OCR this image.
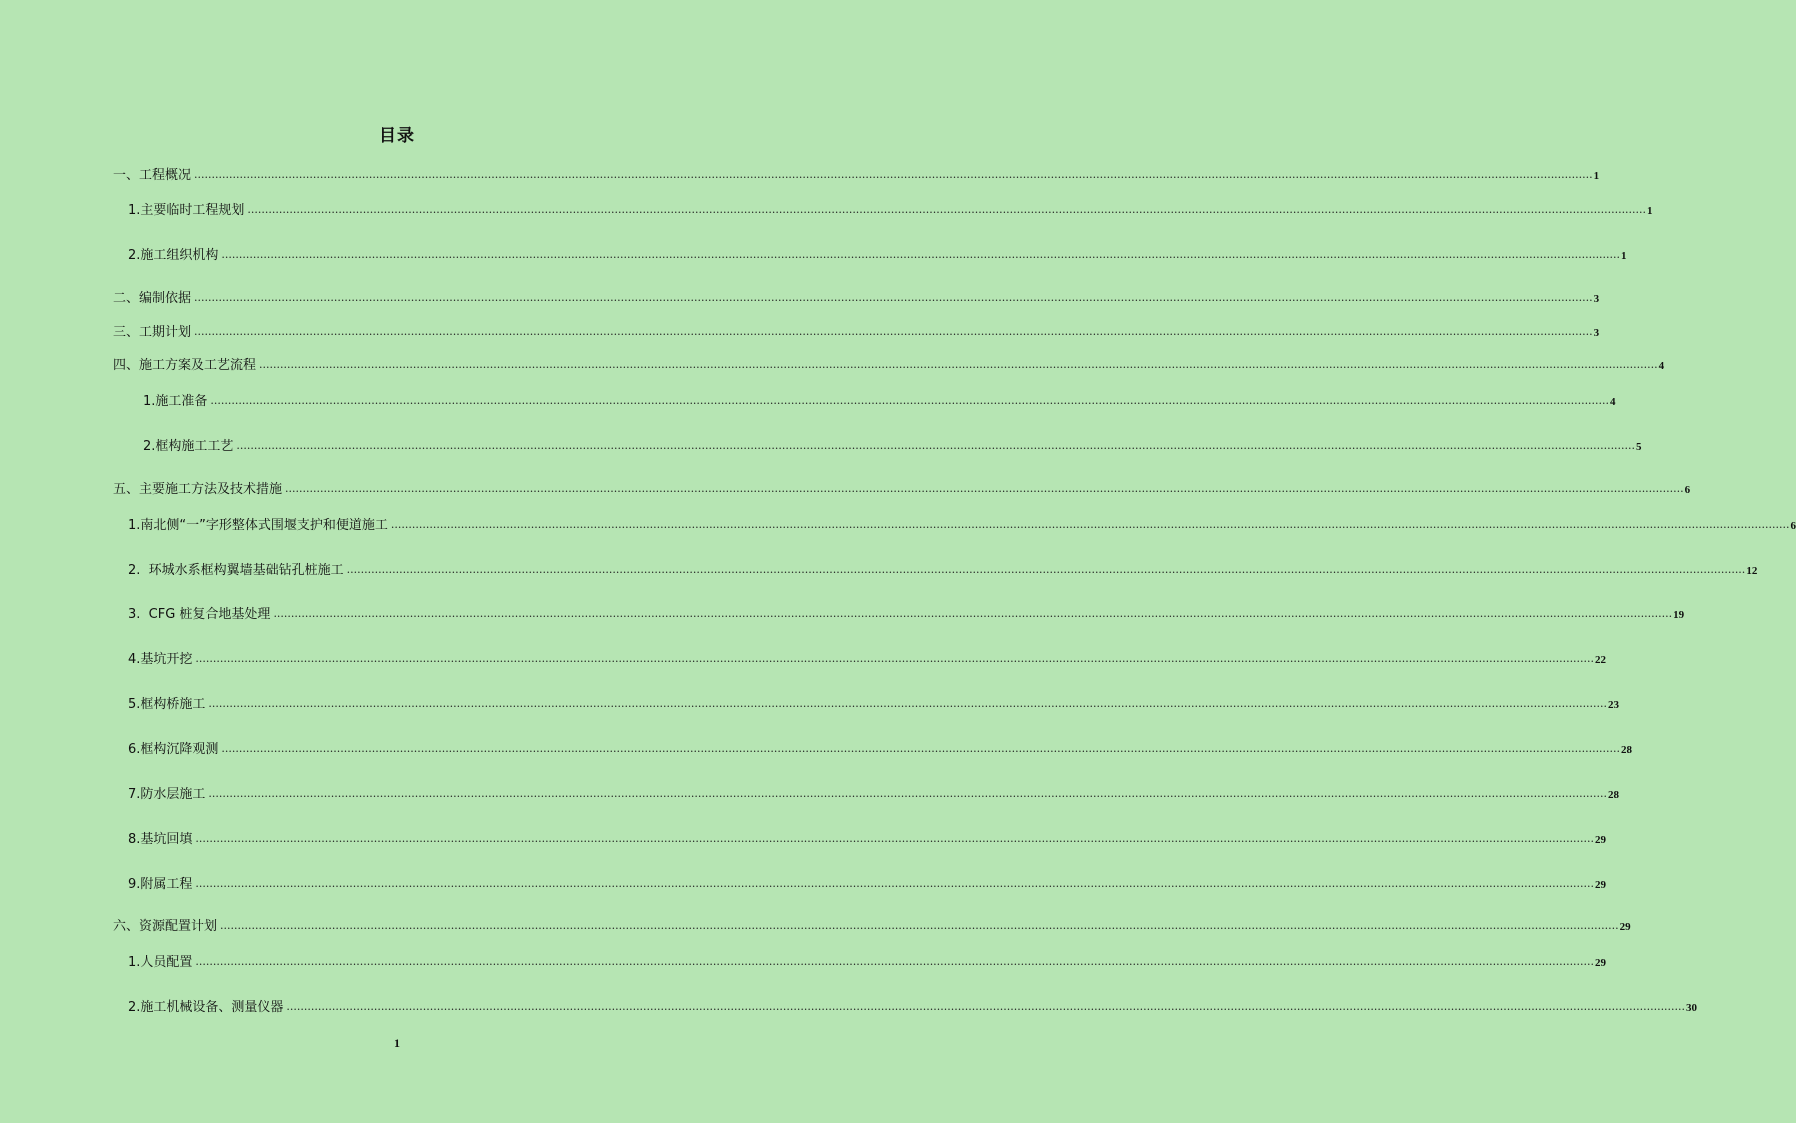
目录
一、工程概况 ................................................................................................................................................................................................................................................................................................................................................................................................................ 1
1.主要临时工程规划 ................................................................................................................................................................................................................................................................................................................................................................................................................ 1
2.施工组织机构 ................................................................................................................................................................................................................................................................................................................................................................................................................ 1
二、编制依据 ................................................................................................................................................................................................................................................................................................................................................................................................................ 3
三、工期计划 ................................................................................................................................................................................................................................................................................................................................................................................................................ 3
四、施工方案及工艺流程 ................................................................................................................................................................................................................................................................................................................................................................................................................ 4
1.施工准备 ................................................................................................................................................................................................................................................................................................................................................................................................................ 4
2.框构施工工艺 ................................................................................................................................................................................................................................................................................................................................................................................................................ 5
五、主要施工方法及技术措施 ................................................................................................................................................................................................................................................................................................................................................................................................................ 6
1.南北侧“一”字形整体式围堰支护和便道施工 ................................................................................................................................................................................................................................................................................................................................................................................................................ 6
2.  环城水系框构翼墙基础钻孔桩施工 ................................................................................................................................................................................................................................................................................................................................................................................................................ 12
3.  CFG 桩复合地基处理 ................................................................................................................................................................................................................................................................................................................................................................................................................ 19
4.基坑开挖 ................................................................................................................................................................................................................................................................................................................................................................................................................ 22
5.框构桥施工 ................................................................................................................................................................................................................................................................................................................................................................................................................ 23
6.框构沉降观测 ................................................................................................................................................................................................................................................................................................................................................................................................................ 28
7.防水层施工 ................................................................................................................................................................................................................................................................................................................................................................................................................ 28
8.基坑回填 ................................................................................................................................................................................................................................................................................................................................................................................................................ 29
9.附属工程 ................................................................................................................................................................................................................................................................................................................................................................................................................ 29
六、资源配置计划 ................................................................................................................................................................................................................................................................................................................................................................................................................ 29
1.人员配置 ................................................................................................................................................................................................................................................................................................................................................................................................................ 29
2.施工机械设备、测量仪器 ................................................................................................................................................................................................................................................................................................................................................................................................................ 30
1
